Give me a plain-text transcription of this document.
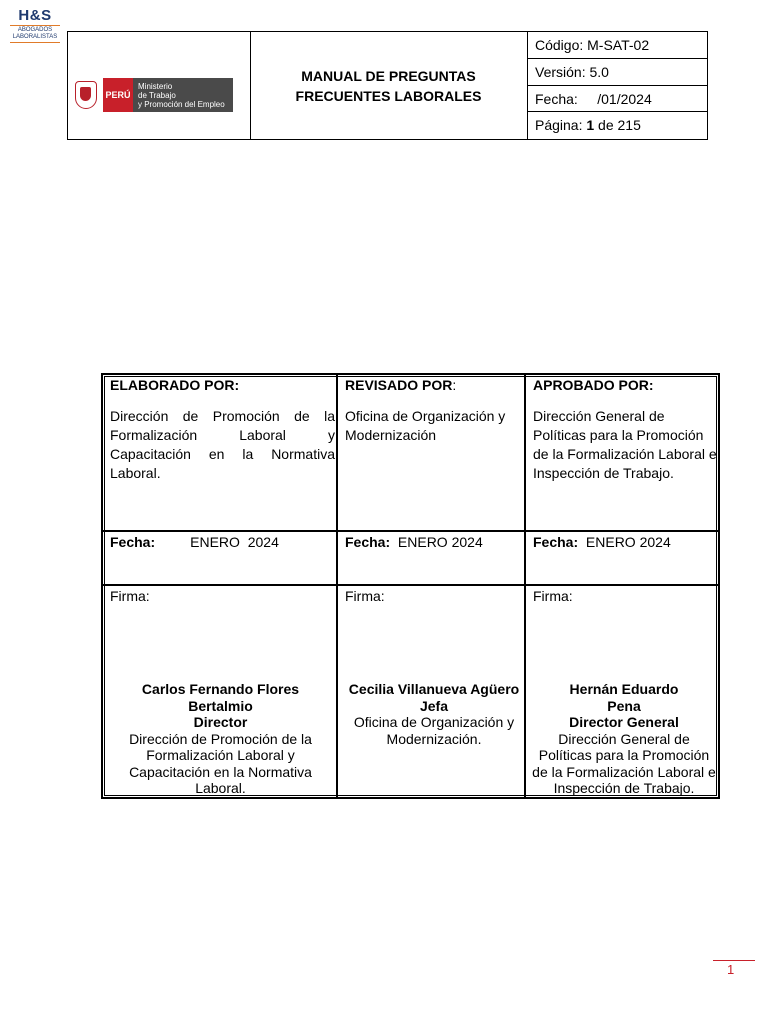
H&S
ABOGADOS
LABORALISTAS
PERÚ
Ministerio
de Trabajo
y Promoción del Empleo
MANUAL DE PREGUNTAS
FRECUENTES LABORALES
Código: M-SAT-02
Versión: 5.0
Fecha:     /01/2024
Página: 1 de 215
ELABORADO POR:
Dirección de Promoción de la Formalización Laboral y Capacitación en la Normativa Laboral.
Fecha:	ENERO  2024
Firma:
Carlos Fernando Flores
Bertalmio
Director
Dirección de Promoción de la Formalización Laboral y Capacitación en la Normativa Laboral.
REVISADO POR:
Oficina de Organización y Modernización
Fecha: ENERO 2024
Firma:
Cecilia Villanueva Agüero
Jefa
Oficina de Organización y Modernización.
APROBADO POR:
Dirección General de Políticas para la Promoción de la Formalización Laboral e Inspección de Trabajo.
Fecha: ENERO 2024
Firma:
Hernán Eduardo
Pena
Director General
Dirección General de Políticas para la Promoción de la Formalización Laboral e Inspección de Trabajo.
1
